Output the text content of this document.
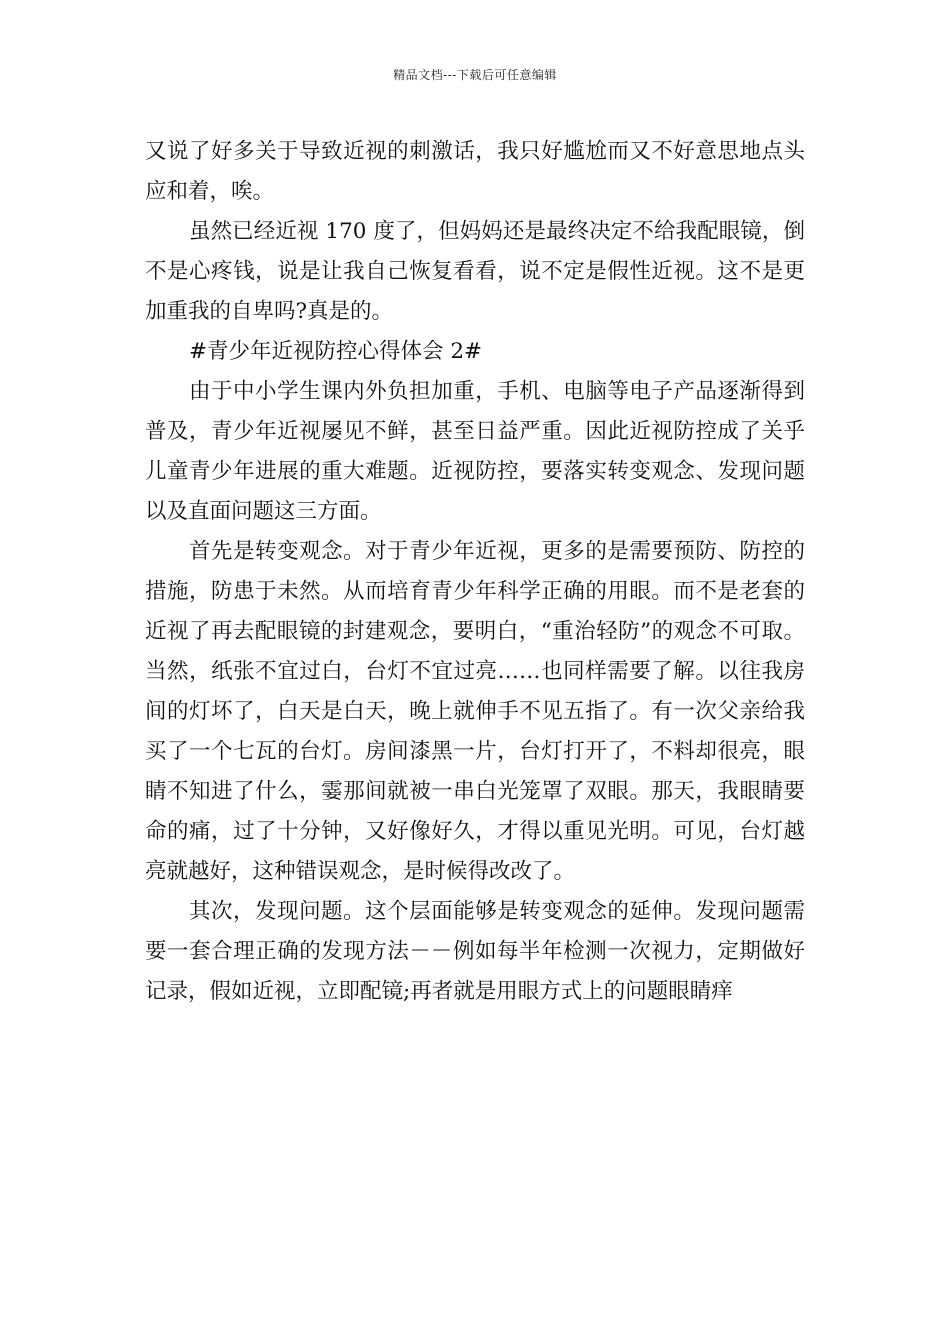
精品文档---下载后可任意编辑

又说了好多关于导致近视的刺激话，我只好尴尬而又不好意思地点头应和着，唉。

虽然已经近视 170 度了，但妈妈还是最终决定不给我配眼镜，倒不是心疼钱，说是让我自己恢复看看，说不定是假性近视。这不是更加重我的自卑吗?真是的。

#青少年近视防控心得体会 2#

由于中小学生课内外负担加重，手机、电脑等电子产品逐渐得到普及，青少年近视屡见不鲜，甚至日益严重。因此近视防控成了关乎儿童青少年进展的重大难题。近视防控，要落实转变观念、发现问题以及直面问题这三方面。

首先是转变观念。对于青少年近视，更多的是需要预防、防控的措施，防患于未然。从而培育青少年科学正确的用眼。而不是老套的近视了再去配眼镜的封建观念，要明白，“重治轻防”的观念不可取。当然，纸张不宜过白，台灯不宜过亮……也同样需要了解。以往我房间的灯坏了，白天是白天，晚上就伸手不见五指了。有一次父亲给我买了一个七瓦的台灯。房间漆黑一片，台灯打开了，不料却很亮，眼睛不知进了什么，霎那间就被一串白光笼罩了双眼。那天，我眼睛要命的痛，过了十分钟，又好像好久，才得以重见光明。可见，台灯越亮就越好，这种错误观念，是时候得改改了。

其次，发现问题。这个层面能够是转变观念的延伸。发现问题需要一套合理正确的发现方法－－例如每半年检测一次视力，定期做好记录，假如近视，立即配镜;再者就是用眼方式上的问题眼睛痒
